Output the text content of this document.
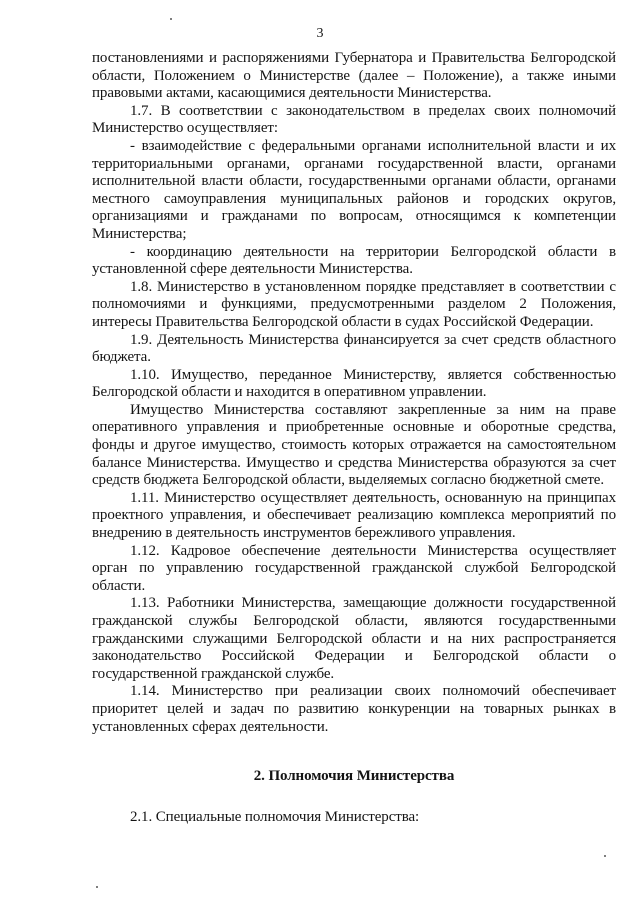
3

постановлениями и распоряжениями Губернатора и Правительства Белгородской области, Положением о Министерстве (далее – Положение), а также иными правовыми актами, касающимися деятельности Министерства.

1.7. В соответствии с законодательством в пределах своих полномочий Министерство осуществляет:

- взаимодействие с федеральными органами исполнительной власти и их территориальными органами, органами государственной власти, органами исполнительной власти области, государственными органами области, органами местного самоуправления муниципальных районов и городских округов, организациями и гражданами по вопросам, относящимся к компетенции Министерства;

- координацию деятельности на территории Белгородской области в установленной сфере деятельности Министерства.

1.8. Министерство в установленном порядке представляет в соответствии с полномочиями и функциями, предусмотренными разделом 2 Положения, интересы Правительства Белгородской области в судах Российской Федерации.

1.9. Деятельность Министерства финансируется за счет средств областного бюджета.

1.10. Имущество, переданное Министерству, является собственностью Белгородской области и находится в оперативном управлении.

Имущество Министерства составляют закрепленные за ним на праве оперативного управления и приобретенные основные и оборотные средства, фонды и другое имущество, стоимость которых отражается на самостоятельном балансе Министерства. Имущество и средства Министерства образуются за счет средств бюджета Белгородской области, выделяемых согласно бюджетной смете.

1.11. Министерство осуществляет деятельность, основанную на принципах проектного управления, и обеспечивает реализацию комплекса мероприятий по внедрению в деятельность инструментов бережливого управления.

1.12. Кадровое обеспечение деятельности Министерства осуществляет орган по управлению государственной гражданской службой Белгородской области.

1.13. Работники Министерства, замещающие должности государственной гражданской службы Белгородской области, являются государственными гражданскими служащими Белгородской области и на них распространяется законодательство Российской Федерации и Белгородской области о государственной гражданской службе.

1.14. Министерство при реализации своих полномочий обеспечивает приоритет целей и задач по развитию конкуренции на товарных рынках в установленных сферах деятельности.

2. Полномочия Министерства

2.1. Специальные полномочия Министерства:
